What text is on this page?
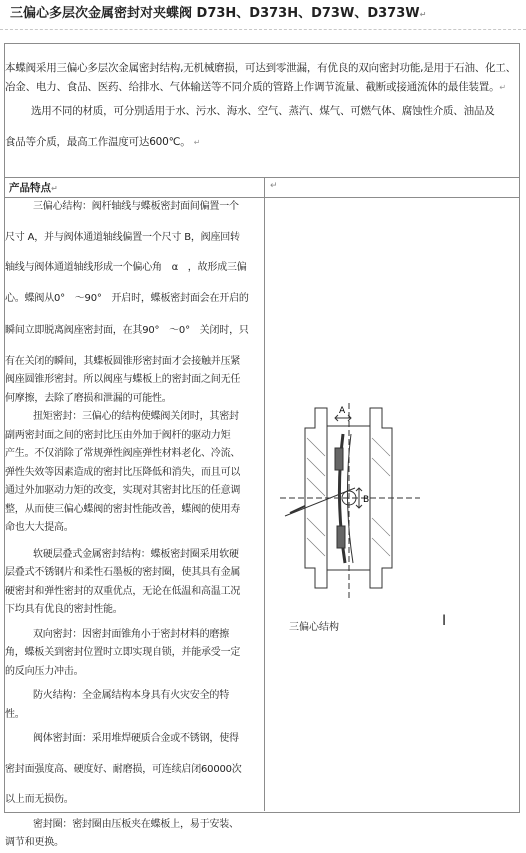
三偏心多层次金属密封对夹蝶阀 D73H、D373H、D73W、D373W↵

本蝶阀采用三偏心多层次金属密封结构,无机械磨损，可达到零泄漏，有优良的双向密封功能,是用于石油、化工、冶金、电力、食品、医药、给排水、气体输送等不同介质的管路上作调节流量、截断或接通流体的最佳装置。↵

选用不同的材质，可分别适用于水、污水、海水、空气、蒸汽、煤气、可燃气体、腐蚀性介质、油品及

食品等介质，最高工作温度可达600℃。 ↵

产品特点↵	↵

三偏心结构：阀杆轴线与蝶板密封面间偏置一个

尺寸 A，并与阀体通道轴线偏置一个尺寸 B，阀座回转

轴线与阀体通道轴线形成一个偏心角　α　，故形成三偏

心。蝶阀从0°　～90°　开启时，蝶板密封面会在开启的

瞬间立即脱离阀座密封面，在其90°　～0°　关闭时，只

有在关闭的瞬间，其蝶板圆锥形密封面才会接触并压紧

阀座圆锥形密封。所以阀座与蝶板上的密封面之间无任

何摩擦，去除了磨损和泄漏的可能性。

扭矩密封：三偏心的结构使蝶阀关闭时，其密封

副两密封面之间的密封比压由外加于阀杆的驱动力矩

产生。不仅消除了常规弹性阀座弹性材料老化、冷流、

弹性失效等因素造成的密封比压降低和消失，而且可以

通过外加驱动力矩的改变，实现对其密封比压的任意调

整，从而使三偏心蝶阀的密封性能改善，蝶阀的使用寿

命也大大提高。

软硬层叠式金属密封结构：蝶板密封圈采用软硬

层叠式不锈钢片和柔性石墨板的密封圈，使其具有金属

硬密封和弹性密封的双重优点，无论在低温和高温工况

下均具有优良的密封性能。

双向密封：因密封面锥角小于密封材料的磨擦

角，蝶板关到密封位置时立即实现自锁，并能承受一定

的反向压力冲击。

防火结构：全金属结构本身具有火灾安全的特

性。

阀体密封面：采用堆焊硬质合金或不锈钢，使得

密封面强度高、硬度好、耐磨损，可连续启闭60000次

以上而无损伤。

密封圈：密封圈由压板夹在蝶板上，易于安装、

调节和更换。

A
B
三偏心结构	I
